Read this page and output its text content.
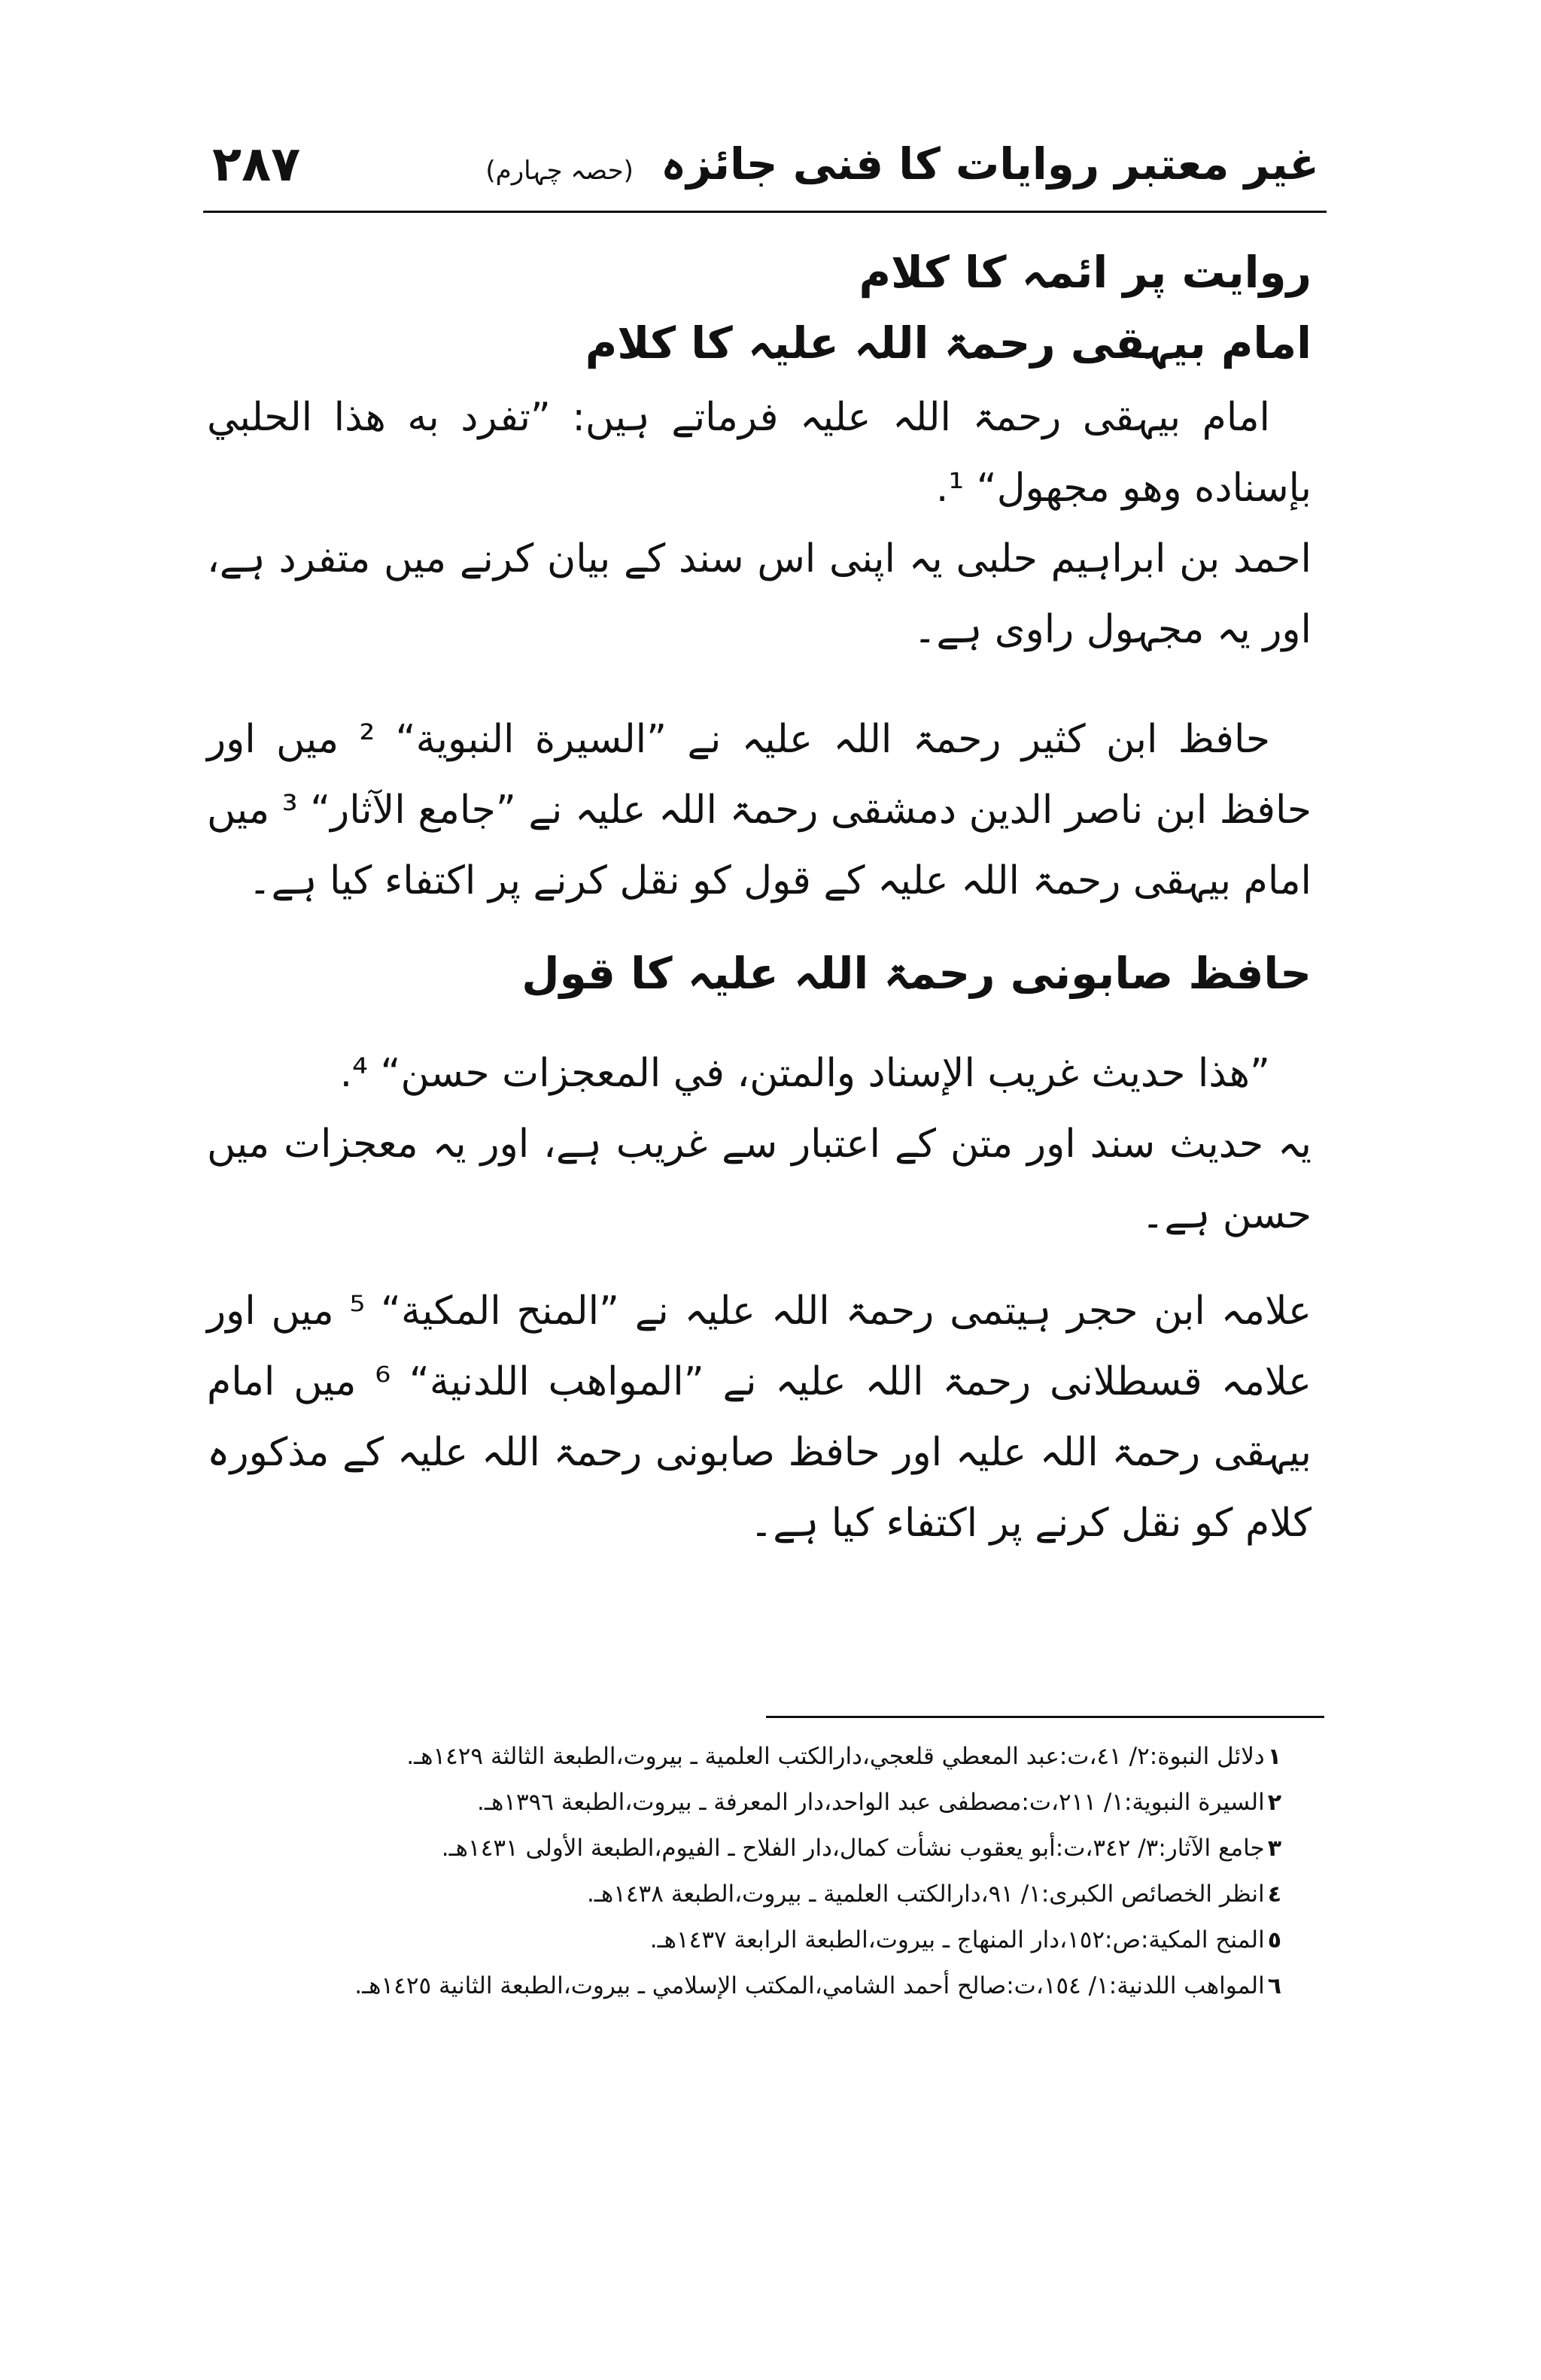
٢٨٧	غیر معتبر روایات کا فنی جائزہ (حصہ چہارم)
روایت پر ائمہ کا کلام
امام بیہقی رحمۃ اللہ علیہ کا کلام

امام بیہقی رحمۃ اللہ علیہ فرماتے ہیں: ”تفرد به هذا الحلبي بإسناده وهو مجهول“ ¹.

احمد بن ابراہیم حلبی یہ اپنی اس سند کے بیان کرنے میں متفرد ہے، اور یہ مجہول راوی ہے۔

حافظ ابن کثیر رحمۃ اللہ علیہ نے ”السیرة النبویة“ ² میں اور حافظ ابن ناصر الدین دمشقی رحمۃ اللہ علیہ نے ”جامع الآثار“ ³ میں امام بیہقی رحمۃ اللہ علیہ کے قول کو نقل کرنے پر اکتفاء کیا ہے۔

حافظ صابونی رحمۃ اللہ علیہ کا قول

”هذا حديث غريب الإسناد والمتن، في المعجزات حسن“ ⁴.

یہ حدیث سند اور متن کے اعتبار سے غریب ہے، اور یہ معجزات میں حسن ہے۔

علامہ ابن حجر ہیتمی رحمۃ اللہ علیہ نے ”المنح المكية“ ⁵ میں اور علامہ قسطلانی رحمۃ اللہ علیہ نے ”المواهب اللدنية“ ⁶ میں امام بیہقی رحمۃ اللہ علیہ اور حافظ صابونی رحمۃ اللہ علیہ کے مذکورہ کلام کو نقل کرنے پر اکتفاء کیا ہے۔

١دلائل النبوة:٢/ ٤١،ت:عبد المعطي قلعجي،دارالكتب العلمية ـ بيروت،الطبعة الثالثة ١٤٢٩هـ.

٢السيرة النبوية:١/ ٢١١،ت:مصطفى عبد الواحد،دار المعرفة ـ بيروت،الطبعة ١٣٩٦هـ.

٣جامع الآثار:٣/ ٣٤٢،ت:أبو يعقوب نشأت كمال،دار الفلاح ـ الفيوم،الطبعة الأولى ١٤٣١هـ.

٤انظر الخصائص الكبرى:١/ ٩١،دارالكتب العلمية ـ بيروت،الطبعة ١٤٣٨هـ.

٥المنح المكية:ص:١٥٢،دار المنهاج ـ بيروت،الطبعة الرابعة ١٤٣٧هـ.

٦المواهب اللدنية:١/ ١٥٤،ت:صالح أحمد الشامي،المكتب الإسلامي ـ بيروت،الطبعة الثانية ١٤٢٥هـ.
